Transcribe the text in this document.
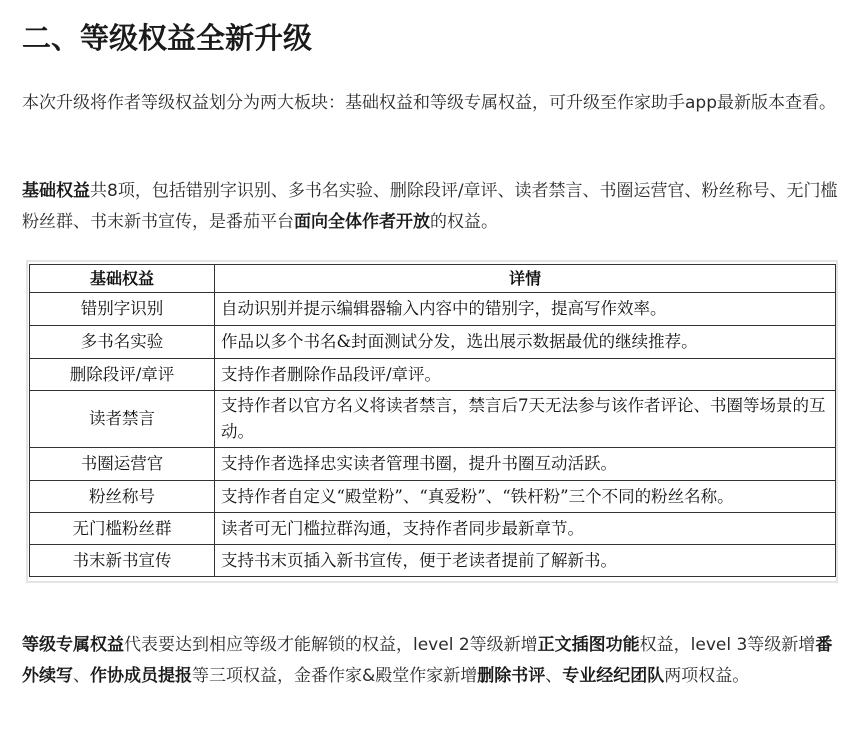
二、等级权益全新升级

本次升级将作者等级权益划分为两大板块：基础权益和等级专属权益，可升级至作家助手app最新版本查看。

基础权益共8项，包括错别字识别、多书名实验、删除段评/章评、读者禁言、书圈运营官、粉丝称号、无门槛粉丝群、书末新书宣传，是番茄平台面向全体作者开放的权益。

基础权益	详情
错别字识别	自动识别并提示编辑器输入内容中的错别字，提高写作效率。
多书名实验	作品以多个书名&封面测试分发，选出展示数据最优的继续推荐。
删除段评/章评	支持作者删除作品段评/章评。
读者禁言	支持作者以官方名义将读者禁言，禁言后7天无法参与该作者评论、书圈等场景的互动。
书圈运营官	支持作者选择忠实读者管理书圈，提升书圈互动活跃。
粉丝称号	支持作者自定义“殿堂粉”、“真爱粉”、“铁杆粉”三个不同的粉丝名称。
无门槛粉丝群	读者可无门槛拉群沟通，支持作者同步最新章节。
书末新书宣传	支持书末页插入新书宣传，便于老读者提前了解新书。

等级专属权益代表要达到相应等级才能解锁的权益，level 2等级新增正文插图功能权益，level 3等级新增番外续写、作协成员提报等三项权益，金番作家&殿堂作家新增删除书评、专业经纪团队两项权益。
